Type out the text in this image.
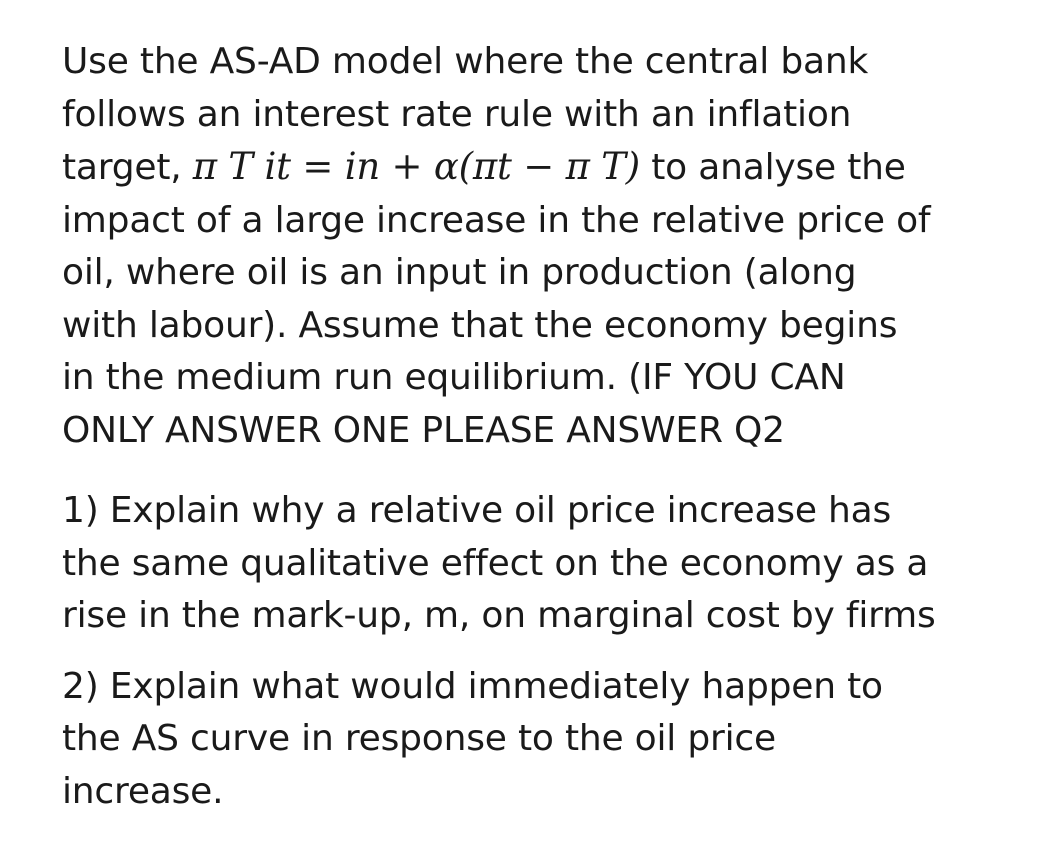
Use the AS-AD model where the central bank
follows an interest rate rule with an inflation
target, π T it = in + α(πt − π T) to analyse the
impact of a large increase in the relative price of
oil, where oil is an input in production (along
with labour). Assume that the economy begins
in the medium run equilibrium. (IF YOU CAN
ONLY ANSWER ONE PLEASE ANSWER Q2

1) Explain why a relative oil price increase has
the same qualitative effect on the economy as a
rise in the mark-up, m, on marginal cost by firms

2) Explain what would immediately happen to
the AS curve in response to the oil price
increase.
